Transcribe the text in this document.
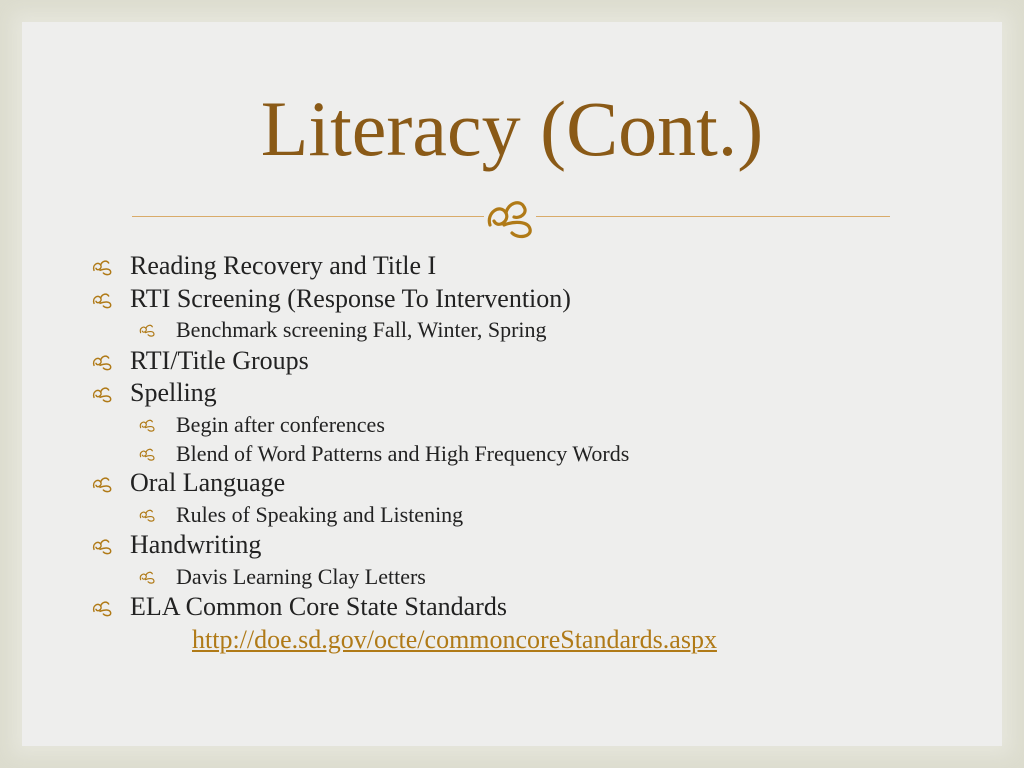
Literacy (Cont.)
Reading Recovery and Title I
RTI Screening (Response To Intervention)
Benchmark screening Fall, Winter, Spring
RTI/Title Groups
Spelling
Begin after conferences
Blend of Word Patterns and High Frequency Words
Oral Language
Rules of Speaking and Listening
Handwriting
Davis Learning Clay Letters
ELA Common Core State Standards
http://doe.sd.gov/octe/commoncoreStandards.aspx
